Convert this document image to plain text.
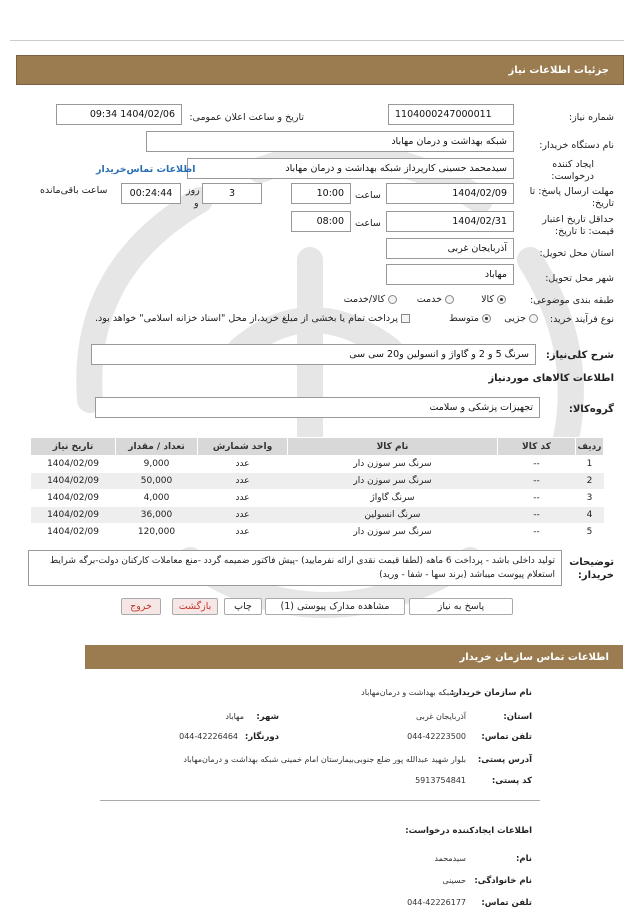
جزئیات اطلاعات نیاز
شماره نیاز:
1104000247000011
تاریخ و ساعت اعلان عمومی:
1404/02/06 09:34
نام دستگاه خریدار:
شبکه بهداشت و درمان مهاباد
ایجاد کننده درخواست:
سیدمحمد حسینی کارپرداز شبکه بهداشت و درمان مهاباد
اطلاعات تماس‌خریدار
مهلت ارسال پاسخ: تا تاریخ:
1404/02/09
ساعت
10:00
3
روز
و
00:24:44
ساعت باقی‌مانده
حداقل تاریخ اعتبار قیمت: تا تاریخ:
1404/02/31
ساعت
08:00
استان محل تحویل:
آذربایجان غربی
شهر محل تحویل:
مهاباد
طبقه بندی موضوعی:
کالا
خدمت
کالا/خدمت
نوع فرآیند خرید:
جزیی
متوسط
پرداخت تمام یا بخشی از مبلغ خرید،از محل "اسناد خزانه اسلامی" خواهد بود.
شرح کلی‌نیاز:
سرنگ 5 و 2 و گاواژ و انسولین و20 سی سی
اطلاعات کالاهای موردنیاز
گروه‌کالا:
تجهیزات پزشکی و سلامت
ردیف	کد کالا	نام کالا	واحد شمارش	تعداد / مقدار	تاریخ نیاز
1	--	سرنگ سر سوزن دار	عدد	9,000	1404/02/09
2	--	سرنگ سر سوزن دار	عدد	50,000	1404/02/09
3	--	سرنگ گاواژ	عدد	4,000	1404/02/09
4	--	سرنگ انسولین	عدد	36,000	1404/02/09
5	--	سرنگ سر سوزن دار	عدد	120,000	1404/02/09
توضیحات خریدار:
تولید داخلی باشد - پرداخت 6 ماهه (لطفا قیمت نقدی ارائه نفرمایید) -پیش فاکتور ضمیمه گردد -منع معاملات کارکنان دولت-برگه شرایط استعلام پیوست میباشد (برند سها - شفا - ورید)
پاسخ به نیاز
مشاهده مدارک پیوستی (1)
چاپ
بازگشت
خروج
اطلاعات تماس سازمان خریدار
نام سازمان خریدار:
شبکه بهداشت و درمان‌مهاباد
استان:
آذربایجان غربی
شهر:
مهاباد
تلفن تماس:
044-42223500
دورنگار:
044-42226464
آدرس پستی:
بلوار شهید عبدالله پور ضلع جنوبی‌بیمارستان امام خمینی شبکه بهداشت و درمان‌مهاباد
کد پستی:
5913754841
اطلاعات ایجادکننده درخواست:
نام:
سیدمحمد
نام خانوادگی:
حسینی
تلفن تماس:
044-42226177
